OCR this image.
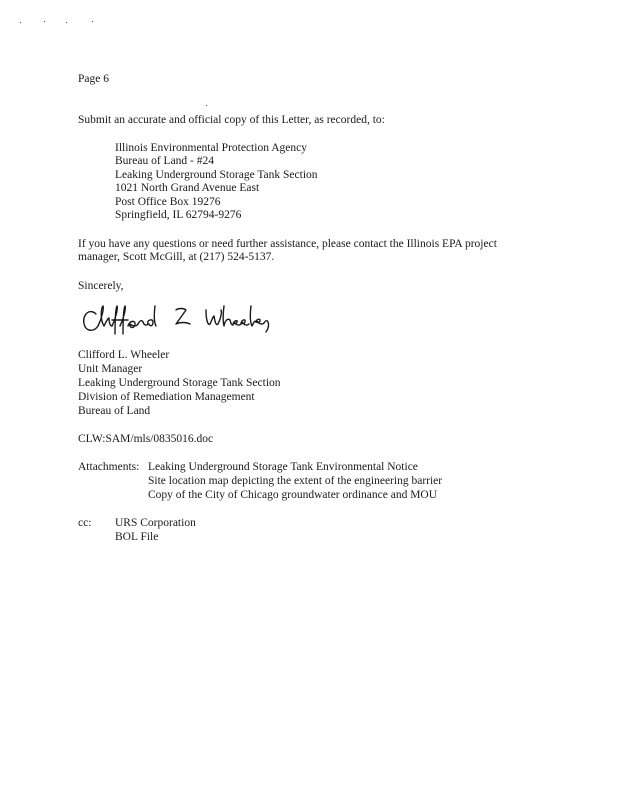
Page 6
Submit an accurate and official copy of this Letter, as recorded, to:
Illinois Environmental Protection Agency
Bureau of Land - #24
Leaking Underground Storage Tank Section
1021 North Grand Avenue East
Post Office Box 19276
Springfield, IL 62794-9276
If you have any questions or need further assistance, please contact the Illinois EPA project
manager, Scott McGill, at (217) 524-5137.
Sincerely,
Clifford L. Wheeler
Unit Manager
Leaking Underground Storage Tank Section
Division of Remediation Management
Bureau of Land
CLW:SAM/mls/0835016.doc
Attachments: Leaking Underground Storage Tank Environmental Notice
Site location map depicting the extent of the engineering barrier
Copy of the City of Chicago groundwater ordinance and MOU
cc: URS Corporation
BOL File
